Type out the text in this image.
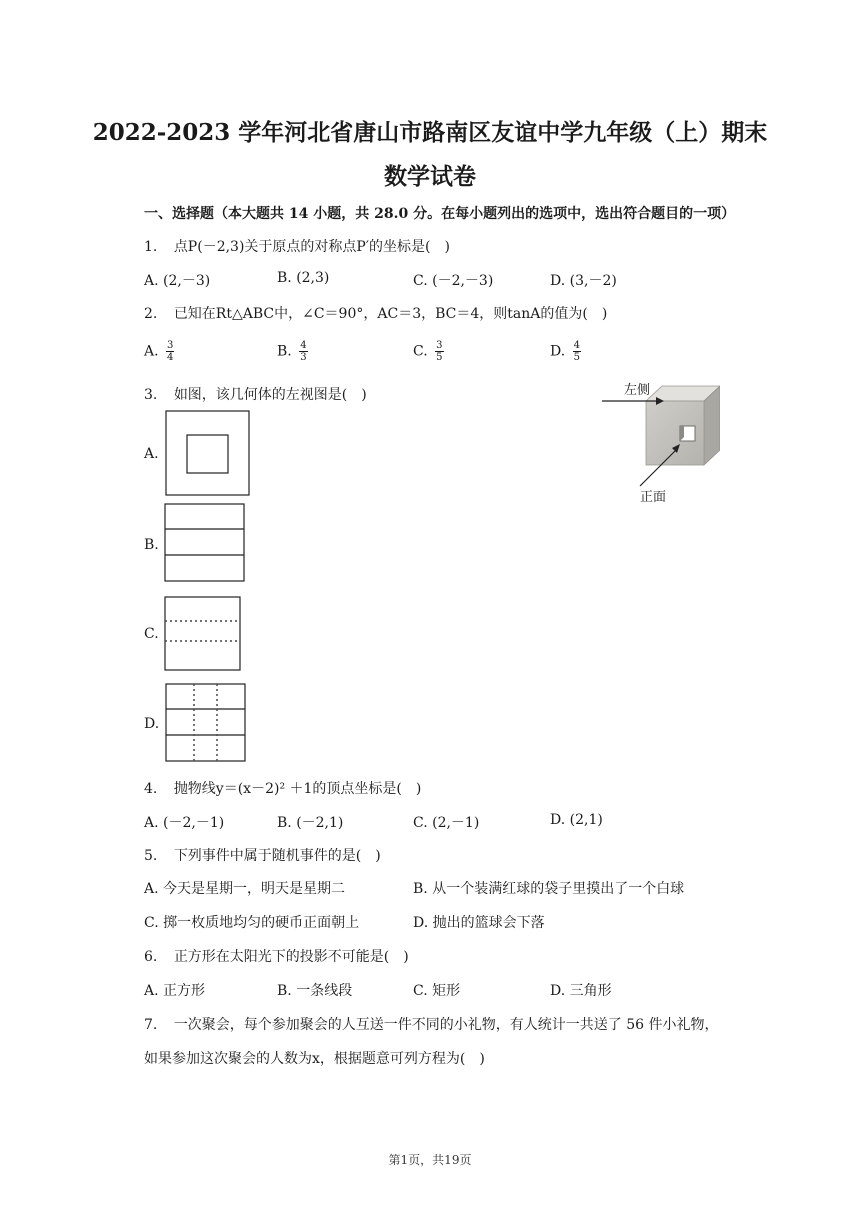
2022-2023 学年河北省唐山市路南区友谊中学九年级（上）期末
数学试卷
一、选择题（本大题共 14 小题，共 28.0 分。在每小题列出的选项中，选出符合题目的一项）
1. 点P(－2,3)关于原点的对称点P′的坐标是(　)
A. (2,－3)	B. (2,3)	C. (－2,－3)	D. (3,－2)
2. 已知在Rt△ABC中，∠C＝90°，AC＝3，BC＝4，则tanA的值为(　)
A. $\frac{3}{4}$	B. $\frac{4}{3}$	C. $\frac{3}{5}$	D. $\frac{4}{5}$
3. 如图，该几何体的左视图是(　)	左侧
正面
A.
B.
C.
D.
4. 抛物线y＝(x－2)² ＋1的顶点坐标是(　)
A. (－2,－1)	B. (－2,1)	C. (2,－1)	D. (2,1)
5. 下列事件中属于随机事件的是(　)
A. 今天是星期一，明天是星期二	B. 从一个装满红球的袋子里摸出了一个白球
C. 掷一枚质地均匀的硬币正面朝上	D. 抛出的篮球会下落
6. 正方形在太阳光下的投影不可能是(　)
A. 正方形	B. 一条线段	C. 矩形	D. 三角形
7. 一次聚会，每个参加聚会的人互送一件不同的小礼物，有人统计一共送了 56 件小礼物，
如果参加这次聚会的人数为x，根据题意可列方程为(　)
第1页，共19页
